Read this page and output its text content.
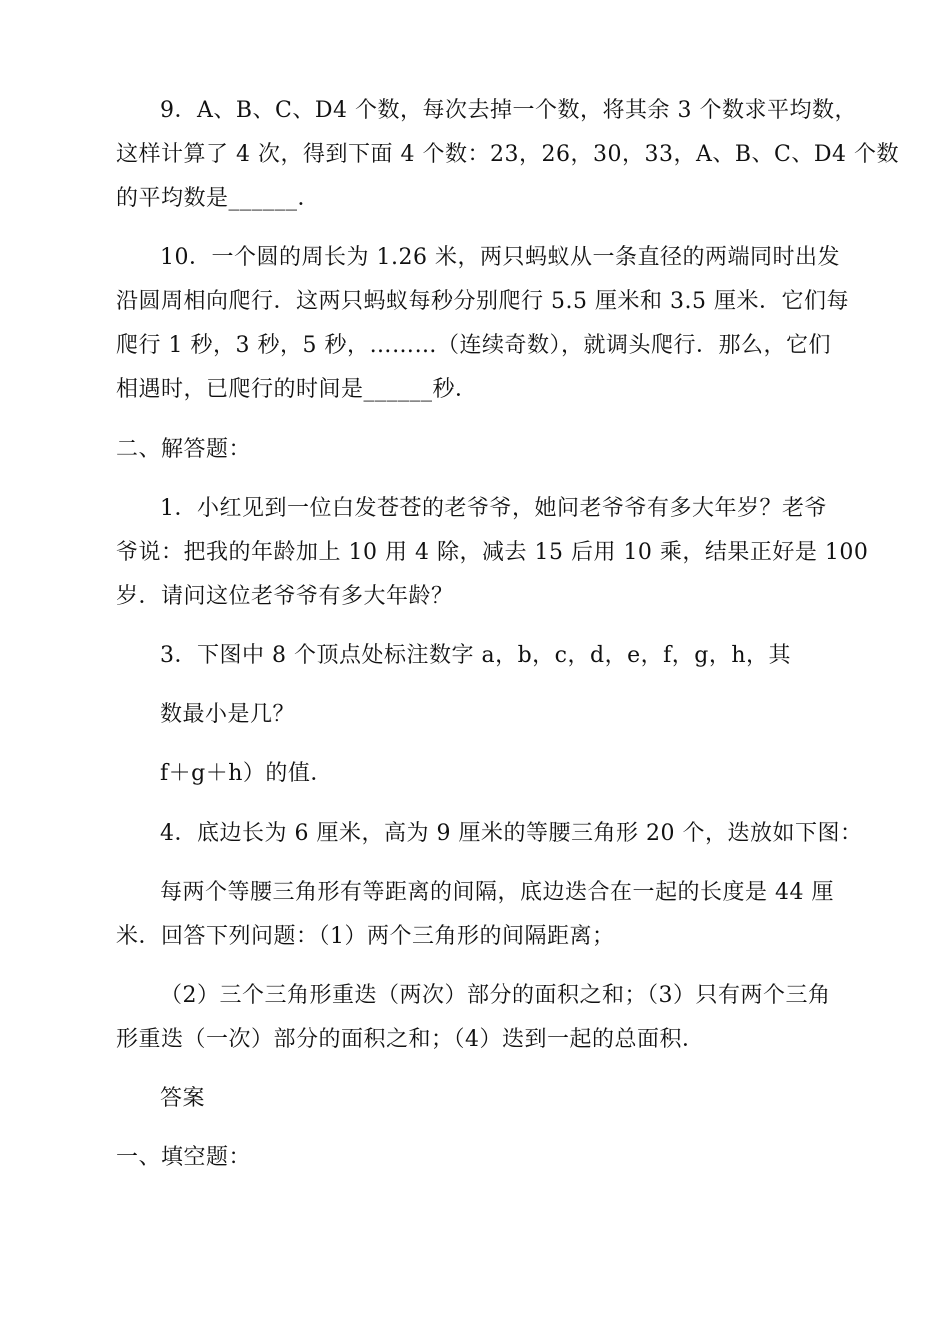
9．A、B、C、D4 个数，每次去掉一个数，将其余 3 个数求平均数，
这样计算了 4 次，得到下面 4 个数：23，26，30，33，A、B、C、D4 个数
的平均数是______．
10．一个圆的周长为 1.26 米，两只蚂蚁从一条直径的两端同时出发
沿圆周相向爬行．这两只蚂蚁每秒分别爬行 5.5 厘米和 3.5 厘米．它们每
爬行 1 秒，3 秒，5 秒，………（连续奇数），就调头爬行．那么，它们
相遇时，已爬行的时间是______秒．
二、解答题：
1．小红见到一位白发苍苍的老爷爷，她问老爷爷有多大年岁？老爷
爷说：把我的年龄加上 10 用 4 除，减去 15 后用 10 乘，结果正好是 100
岁．请问这位老爷爷有多大年龄？
3．下图中 8 个顶点处标注数字 a，b，c，d，e，f，g，h，其
数最小是几？
f＋g＋h）的值．
4．底边长为 6 厘米，高为 9 厘米的等腰三角形 20 个，迭放如下图：
每两个等腰三角形有等距离的间隔，底边迭合在一起的长度是 44 厘
米．回答下列问题：（1）两个三角形的间隔距离；
（2）三个三角形重迭（两次）部分的面积之和；（3）只有两个三角
形重迭（一次）部分的面积之和；（4）迭到一起的总面积．
答案
一、填空题：
